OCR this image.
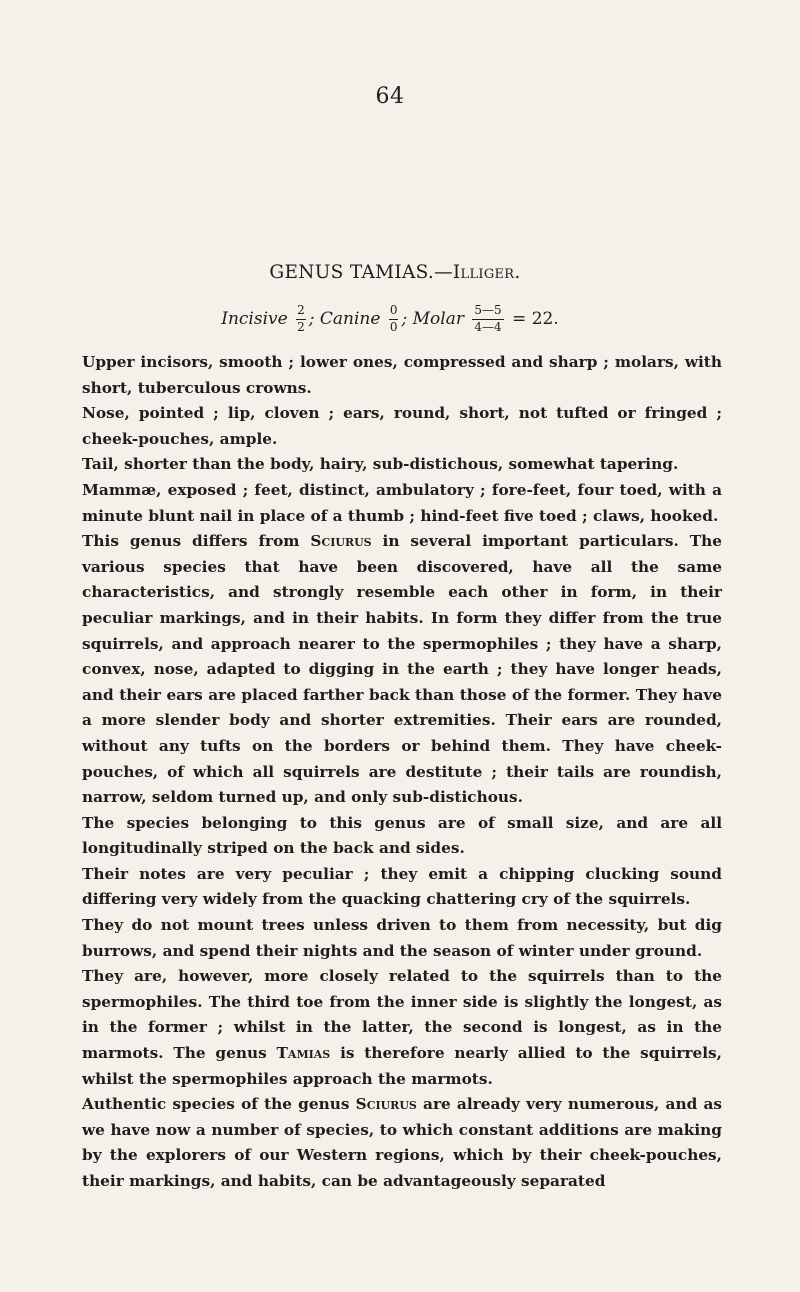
64
GENUS TAMIAS.—Illiger.
Incisive $\frac{2}{2}$ ; Canine $\frac{0}{0}$ ; Molar $\frac{5—5}{4—4} = 22$.

Upper incisors, smooth ; lower ones, compressed and sharp ; molars, with short, tuberculous crowns.

Nose, pointed ; lip, cloven ; ears, round, short, not tufted or fringed ; cheek-pouches, ample.

Tail, shorter than the body, hairy, sub-distichous, somewhat tapering.

Mammæ, exposed ; feet, distinct, ambulatory ; fore-feet, four toed, with a minute blunt nail in place of a thumb ; hind-feet five toed ; claws, hooked.

This genus differs from Sciurus in several important particulars. The various species that have been discovered, have all the same characteristics, and strongly resemble each other in form, in their peculiar markings, and in their habits. In form they differ from the true squirrels, and approach nearer to the spermophiles ; they have a sharp, convex, nose, adapted to digging in the earth ; they have longer heads, and their ears are placed farther back than those of the former. They have a more slender body and shorter extremities. Their ears are rounded, without any tufts on the borders or behind them. They have cheek-pouches, of which all squirrels are destitute ; their tails are roundish, narrow, seldom turned up, and only sub-distichous.

The species belonging to this genus are of small size, and are all longitudinally striped on the back and sides.

Their notes are very peculiar ; they emit a chipping clucking sound differing very widely from the quacking chattering cry of the squirrels.

They do not mount trees unless driven to them from necessity, but dig burrows, and spend their nights and the season of winter under ground.

They are, however, more closely related to the squirrels than to the spermophiles. The third toe from the inner side is slightly the longest, as in the former ; whilst in the latter, the second is longest, as in the marmots. The genus Tamias is therefore nearly allied to the squirrels, whilst the spermophiles approach the marmots.

Authentic species of the genus Sciurus are already very numerous, and as we have now a number of species, to which constant additions are making by the explorers of our Western regions, which by their cheek-pouches, their markings, and habits, can be advantageously separated
